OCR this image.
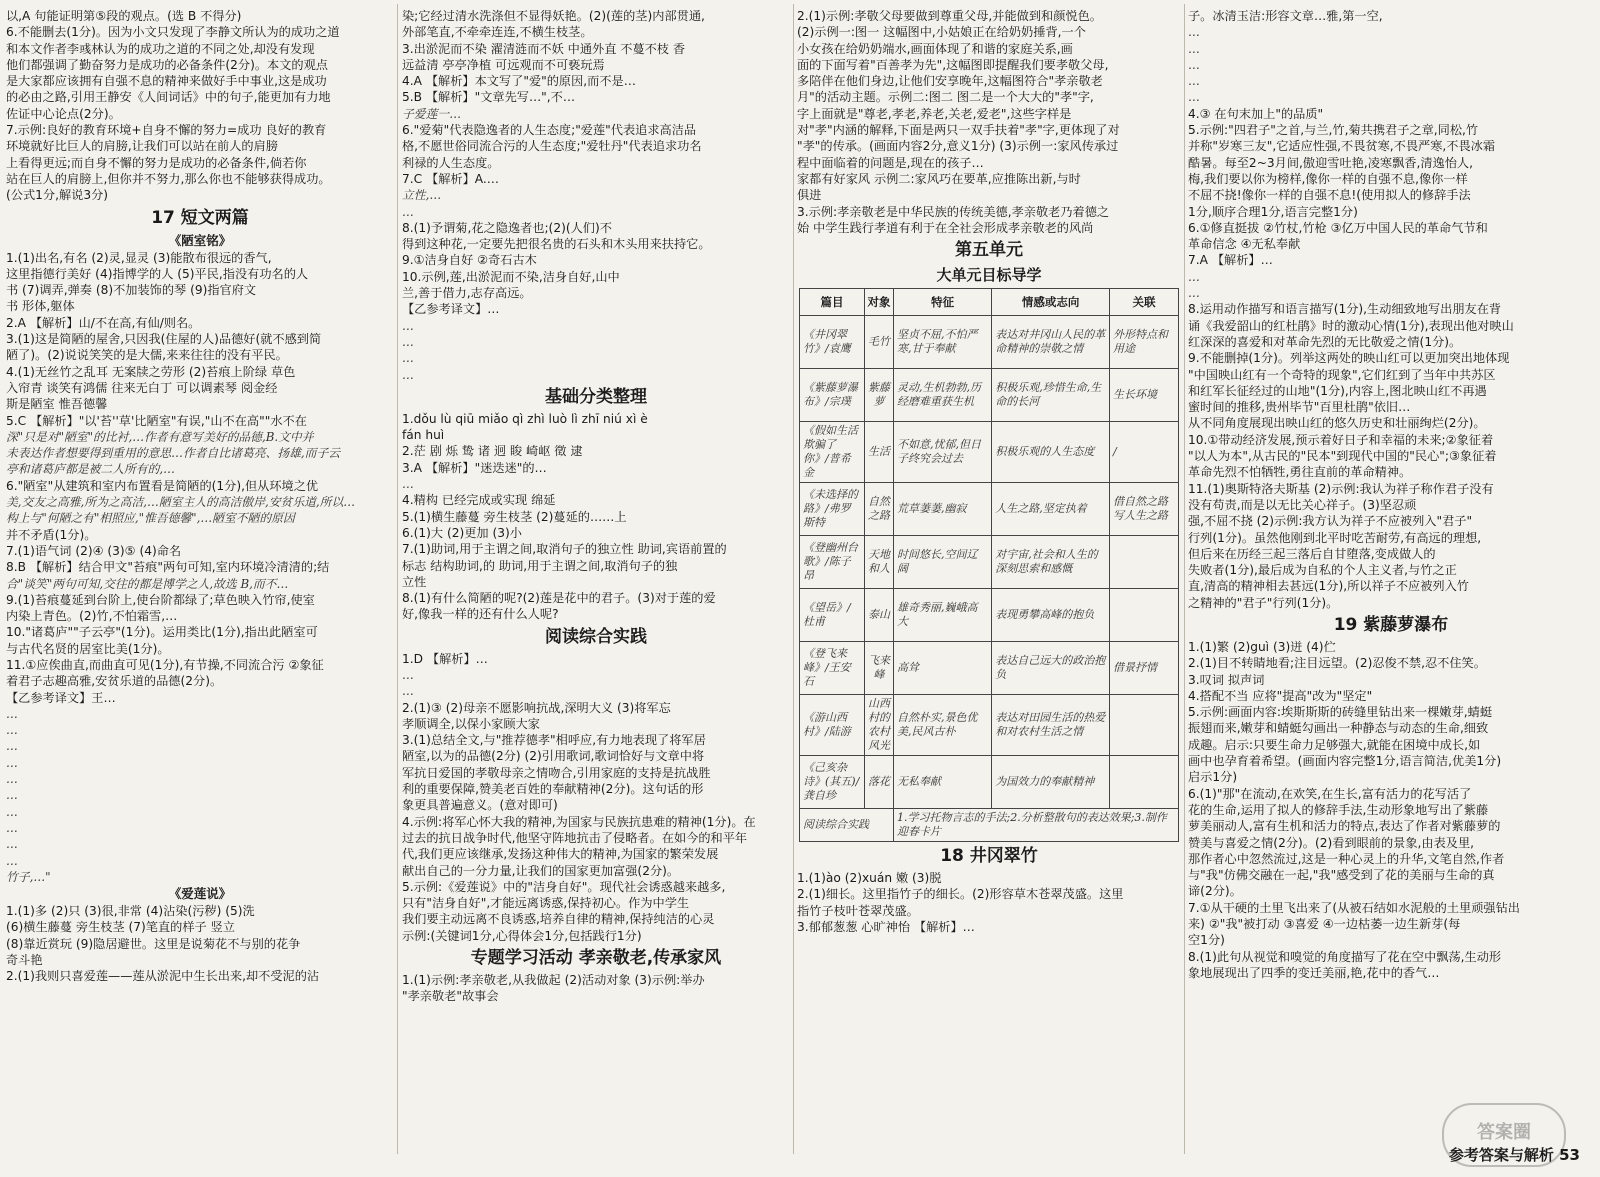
以,A 句能证明第⑤段的观点。(选 B 不得分)
6.不能删去(1分)。因为小文只发现了李静文所认为的成功之道
和本文作者李彧林认为的成功之道的不同之处,却没有发现
他们都强调了勤奋努力是成功的必备条件(2分)。本文的观点
是大家都应该拥有自强不息的精神来做好手中事业,这是成功
的必由之路,引用王静安《人间词话》中的句子,能更加有力地
佐证中心论点(2分)。
7.示例:良好的教育环境+自身不懈的努力=成功 良好的教育
环境就好比巨人的肩膀,让我们可以站在前人的肩膀
上看得更远;而自身不懈的努力是成功的必备条件,倘若你
站在巨人的肩膀上,但你并不努力,那么你也不能够获得成功。
(公式1分,解说3分)
17 短文两篇
《陋室铭》
1.(1)出名,有名 (2)灵,显灵 (3)能散布很远的香气,
这里指德行美好 (4)指博学的人 (5)平民,指没有功名的人
书 (7)调弄,弹奏 (8)不加装饰的琴 (9)指官府文
书 形体,躯体
2.A 【解析】山/不在高,有仙/则名。
3.(1)这是简陋的屋舍,只因我(住屋的人)品德好(就不感到简
陋了)。(2)说说笑笑的是大儒,来来往往的没有平民。
4.(1)无丝竹之乱耳 无案牍之劳形 (2)苔痕上阶绿 草色
入帘青 谈笑有鸿儒 往来无白丁 可以调素琴 阅金经
斯是陋室 惟吾德馨
5.C 【解析】"以'苔''草'比陋室"有误,"山不在高""水不在
深"只是对"陋室"的比衬,…作者有意写美好的品德,B.文中并
未表达作者想要得到重用的意思…作者自比诸葛亮、扬雄,而子云
亭和诸葛庐都是被二人所有的,…
6."陋室"从建筑和室内布置看是简陋的(1分),但从环境之优
美,交友之高雅,所为之高洁,…陋室主人的高洁傲岸,安贫乐道,所以…
构上与"何陋之有"相照应,"惟吾德馨",…陋室不陋的原因
并不矛盾(1分)。
7.(1)语气词 (2)④ (3)⑤ (4)命名
8.B 【解析】结合甲文"苔痕"两句可知,室内环境冷清清的;结
合"谈笑"两句可知,交往的都是博学之人,故选 B,而不…
9.(1)苔痕蔓延到台阶上,使台阶都绿了;草色映入竹帘,使室
内染上青色。(2)竹,不怕霜雪,…
10."诸葛庐""子云亭"(1分)。运用类比(1分),指出此陋室可
与古代名贤的居室比美(1分)。
11.①应俟曲直,而曲直可见(1分),有节操,不同流合污 ②象征
着君子志趣高雅,安贫乐道的品德(2分)。
【乙参考译文】王…
…
…
…
…
…
…
…
…
…
…
竹子,…"
《爱莲说》
1.(1)多 (2)只 (3)很,非常 (4)沾染(污秽) (5)洗
(6)横生藤蔓 旁生枝茎 (7)笔直的样子 竖立
(8)靠近赏玩 (9)隐居避世。这里是说菊花不与别的花争
奇斗艳
2.(1)我则只喜爱莲——莲从淤泥中生长出来,却不受泥的沾
染;它经过清水洗涤但不显得妖艳。(2)(莲的茎)内部贯通,
外部笔直,不牵牵连连,不横生枝茎。
3.出淤泥而不染 濯清涟而不妖 中通外直 不蔓不枝 香
远益清 亭亭净植 可远观而不可亵玩焉
4.A 【解析】本文写了"爱"的原因,而不是…
5.B 【解析】"文章先写…",不…
子爱莲一…
6."爱菊"代表隐逸者的人生态度;"爱莲"代表追求高洁品
格,不愿世俗同流合污的人生态度;"爱牡丹"代表追求功名
利禄的人生态度。
7.C 【解析】A.…
立性,…
…
8.(1)予谓菊,花之隐逸者也;(2)(人们)不
得到这种花,一定要先把很名贵的石头和木头用来扶持它。
9.①洁身自好 ②奇石古木
10.示例,莲,出淤泥而不染,洁身自好,山中
兰,善于借力,志存高远。
【乙参考译文】…
…
…
…
…
基础分类整理
1.dǒu lù qiū miǎo qì zhì luò lì zhī niú xì è
fán huì
2.茫 剧 烁 鸷 诸 迥 睃 崎岖 徵 逮
3.A 【解析】"迷迭迷"的…
…
4.精构 已经完成或实现 绵延
5.(1)横生藤蔓 旁生枝茎 (2)蔓延的……上
6.(1)大 (2)更加 (3)小
7.(1)助词,用于主谓之间,取消句子的独立性 助词,宾语前置的
标志 结构助词,的 助词,用于主谓之间,取消句子的独
立性
8.(1)有什么简陋的呢?(2)莲是花中的君子。(3)对于莲的爱
好,像我一样的还有什么人呢?
阅读综合实践
1.D 【解析】…
…
…
2.(1)③ (2)母亲不愿影响抗战,深明大义 (3)将军忘
孝顺调全,以保小家顾大家
3.(1)总结全文,与"推荐德孝"相呼应,有力地表现了将军居
陋室,以为的品德(2分) (2)引用歌词,歌词恰好与文章中将
军抗日爱国的孝敬母亲之情吻合,引用家庭的支持是抗战胜
利的重要保障,赞美老百姓的奉献精神(2分)。这句话的形
象更具普遍意义。(意对即可)
4.示例:将军心怀大我的精神,为国家与民族抗患难的精神(1分)。在
过去的抗日战争时代,他坚守阵地抗击了侵略者。在如今的和平年
代,我们更应该继承,发扬这种伟大的精神,为国家的繁荣发展
献出自己的一分力量,让我们的国家更加富强(2分)。
5.示例:《爱莲说》中的"洁身自好"。现代社会诱惑越来越多,
只有"洁身自好",才能远离诱惑,保持初心。作为中学生
我们要主动远离不良诱惑,培养自律的精神,保持纯洁的心灵
示例:(关键词1分,心得体会1分,包括践行1分)
专题学习活动 孝亲敬老,传承家风
1.(1)示例:孝亲敬老,从我做起 (2)活动对象 (3)示例:举办
"孝亲敬老"故事会
2.(1)示例:孝敬父母要做到尊重父母,并能做到和颜悦色。
(2)示例一:图一 这幅图中,小姑娘正在给奶奶捶背,一个
小女孩在给奶奶端水,画面体现了和谐的家庭关系,画
面的下面写着"百善孝为先",这幅图即提醒我们要孝敬父母,
多陪伴在他们身边,让他们安享晚年,这幅图符合"孝亲敬老
月"的活动主题。示例二:图二 图二是一个大大的"孝"字,
字上面就是"尊老,孝老,养老,关老,爱老",这些字样是
对"孝"内涵的解释,下面是两只一双手扶着"孝"字,更体现了对
"孝"的传承。(画面内容2分,意义1分) (3)示例一:家风传承过
程中面临着的问题是,现在的孩子…
家都有好家风 示例二:家风巧在要革,应推陈出新,与时
俱进
3.示例:孝亲敬老是中华民族的传统美德,孝亲敬老乃着德之
始 中学生践行孝道有利于在全社会形成孝亲敬老的风尚
第五单元
大单元目标导学
篇目	对象	特征	情感或志向	关联
《井冈翠竹》/袁鹰	毛竹	坚贞不屈,不怕严寒,甘于奉献	表达对井冈山人民的革命精神的崇敬之情	外形特点和用途
《紫藤萝瀑布》/宗璞	紫藤萝	灵动,生机勃勃,历经磨难重获生机	积极乐观,珍惜生命,生命的长河	生长环境
《假如生活欺骗了你》/普希金	生活	不如意,忧郁,但日子终究会过去	积极乐观的人生态度	/
《未选择的路》/弗罗斯特	自然之路	荒草萋萋,幽寂	人生之路,坚定执着	借自然之路写人生之路
《登幽州台歌》/陈子昂	天地和人	时间悠长,空间辽阔	对宇宙,社会和人生的深刻思索和感慨	
《望岳》/杜甫	泰山	雄奇秀丽,巍峨高大	表现勇攀高峰的抱负	
《登飞来峰》/王安石	飞来峰	高耸	表达自己远大的政治抱负	借景抒情
《游山西村》/陆游	山西村的农村风光	自然朴实,景色优美,民风古朴	表达对田园生活的热爱和对农村生活之情	
《己亥杂诗》(其五)/龚自珍	落花	无私奉献	为国效力的奉献精神	
阅读综合实践		1.学习托物言志的手法;2.分析整散句的表达效果;3.制作迎春卡片		
18 井冈翠竹
1.(1)ào (2)xuán 嫩 (3)脱
2.(1)细长。这里指竹子的细长。(2)形容草木苍翠茂盛。这里
指竹子枝叶苍翠茂盛。
3.郁郁葱葱 心旷神怡 【解析】…
子。冰清玉洁:形容文章…雅,第一空,
…
…
…
…
…
4.③ 在句末加上"的品质"
5.示例:"四君子"之首,与兰,竹,菊共携君子之章,同松,竹
并称"岁寒三友",它适应性强,不畏贫寒,不畏严寒,不畏冰霜
酷暑。每至2~3月间,傲迎雪吐艳,凌寒飘香,清逸怡人,
梅,我们要以你为榜样,像你一样的自强不息,像你一样
不屈不挠!像你一样的自强不息!(使用拟人的修辞手法
1分,顺序合理1分,语言完整1分)
6.①修直挺拔 ②竹杖,竹枪 ③亿万中国人民的革命气节和
革命信念 ④无私奉献
7.A 【解析】…
…
…
8.运用动作描写和语言描写(1分),生动细致地写出朋友在背
诵《我爱韶山的红杜鹃》时的激动心情(1分),表现出他对映山
红深深的喜爱和对革命先烈的无比敬爱之情(1分)。
9.不能删掉(1分)。列举这两处的映山红可以更加突出地体现
"中国映山红有一个奇特的现象",它们红到了当年中共苏区
和红军长征经过的山地"(1分),内容上,图北映山红不再遇
蜜时间的推移,贵州毕节"百里杜鹃"依旧…
从不同角度展现出映山红的悠久历史和壮丽绚烂(2分)。
10.①带动经济发展,预示着好日子和幸福的未来;②象征着
"以人为本",从古民的"民本"到现代中国的"民心";③象征着
革命先烈不怕牺牲,勇往直前的革命精神。
11.(1)奥斯特洛夫斯基 (2)示例:我认为祥子称作君子没有
没有苟责,而是以无比关心祥子。(3)坚忍顽
强,不屈不挠 (2)示例:我方认为祥子不应被列入"君子"
行列(1分)。虽然他刚到北平时吃苦耐劳,有高远的理想,
但后来在历经三起三落后自甘堕落,变成做人的
失败者(1分),最后成为自私的个人主义者,与竹之正
直,清高的精神相去甚远(1分),所以祥子不应被列入竹
之精神的"君子"行列(1分)。
19 紫藤萝瀑布
1.(1)繁 (2)guì (3)迸 (4)伫
2.(1)目不转睛地看;注目远望。(2)忍俊不禁,忍不住笑。
3.叹词 拟声词
4.搭配不当 应将"提高"改为"坚定"
5.示例:画面内容:埃斯斯斯的砖缝里钻出来一棵嫩芽,蜻蜓
振翅而来,嫩芽和蜻蜓勾画出一种静态与动态的生命,细致
成趣。启示:只要生命力足够强大,就能在困境中成长,如
画中也孕育着希望。(画面内容完整1分,语言简洁,优美1分)
启示1分)
6.(1)"那"在流动,在欢笑,在生长,富有活力的花写活了
花的生命,运用了拟人的修辞手法,生动形象地写出了紫藤
萝美丽动人,富有生机和活力的特点,表达了作者对紫藤萝的
赞美与喜爱之情(2分)。(2)看到眼前的景象,由表及里,
那作者心中忽然流过,这是一种心灵上的升华,文笔自然,作者
与"我"仿佛交融在一起,"我"感受到了花的美丽与生命的真
谛(2分)。
7.①从干硬的土里飞出来了(从被石结如水泥般的土里顽强钻出
来) ②"我"被打动 ③喜爱 ④一边枯萎一边生新芽(每
空1分)
8.(1)此句从视觉和嗅觉的角度描写了花在空中飘荡,生动形
象地展现出了四季的变迁美丽,艳,花中的香气…
答案圈
参考答案与解析 53
